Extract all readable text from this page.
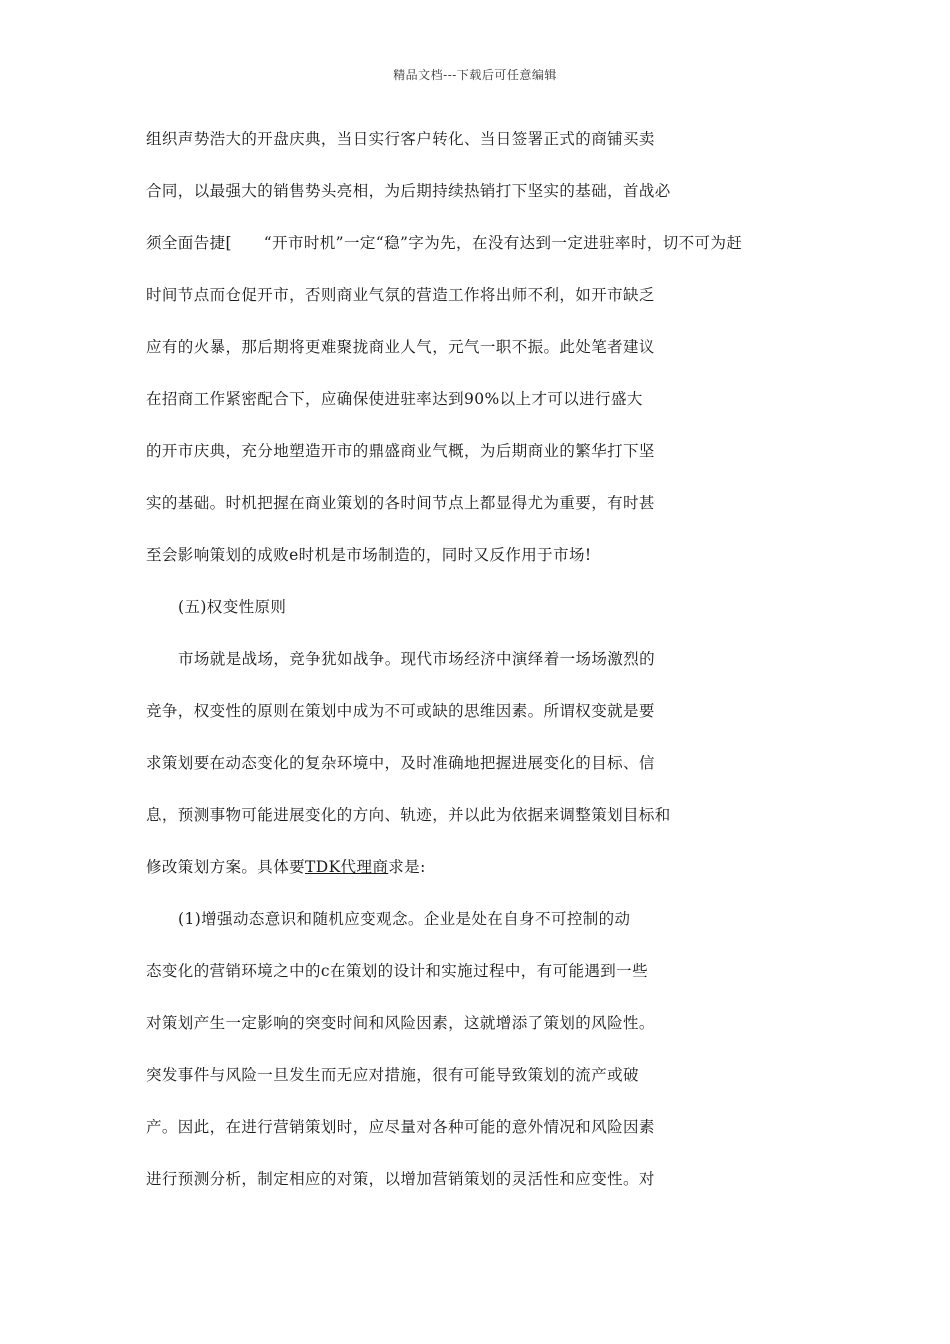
精品文档---下载后可任意编辑
组织声势浩大的开盘庆典，当日实行客户转化、当日签署正式的商铺买卖
合同，以最强大的销售势头亮相，为后期持续热销打下坚实的基础，首战必
须全面告捷[　　“开市时机”一定“稳”字为先，在没有达到一定进驻率时，切不可为赶
时间节点而仓促开市，否则商业气氛的营造工作将出师不利，如开市缺乏
应有的火暴，那后期将更难聚拢商业人气，元气一职不振。此处笔者建议
在招商工作紧密配合下，应确保使进驻率达到90%以上才可以进行盛大
的开市庆典，充分地塑造开市的鼎盛商业气概，为后期商业的繁华打下坚
实的基础。时机把握在商业策划的各时间节点上都显得尤为重要，有时甚
至会影响策划的成败e时机是市场制造的，同时又反作用于市场!
(五)权变性原则
市场就是战场，竞争犹如战争。现代市场经济中演绎着一场场激烈的
竞争，权变性的原则在策划中成为不可或缺的思维因素。所谓权变就是要
求策划要在动态变化的复杂环境中，及时准确地把握进展变化的目标、信
息，预测事物可能进展变化的方向、轨迹，并以此为依据来调整策划目标和
修改策划方案。具体要TDK代理商求是:
(1)增强动态意识和随机应变观念。企业是处在自身不可控制的动
态变化的营销环境之中的c在策划的设计和实施过程中，有可能遇到一些
对策划产生一定影响的突变时间和风险因素，这就增添了策划的风险性。
突发事件与风险一旦发生而无应对措施，很有可能导致策划的流产或破
产。因此，在进行营销策划时，应尽量对各种可能的意外情况和风险因素
进行预测分析，制定相应的对策，以增加营销策划的灵活性和应变性。对
